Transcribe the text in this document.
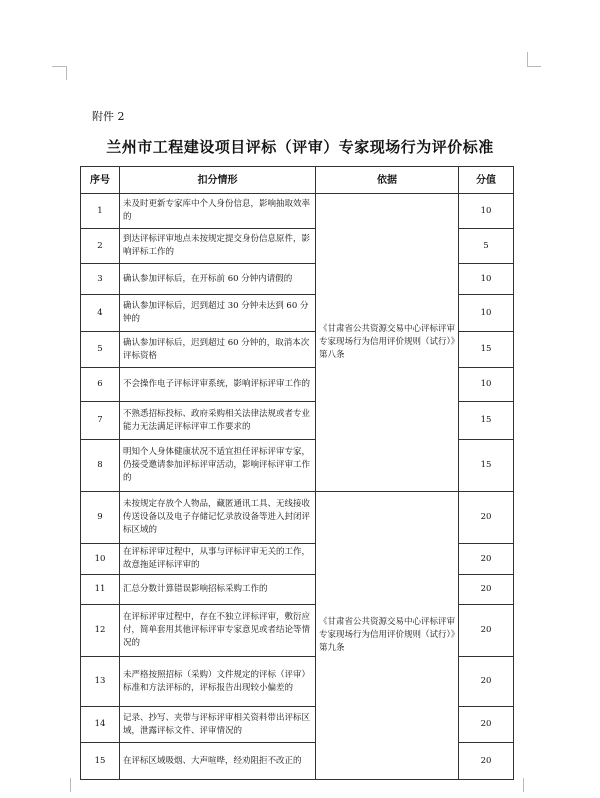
附件 2
兰州市工程建设项目评标（评审）专家现场行为评价标准
序号	扣分情形	依据	分值
1	未及时更新专家库中个人身份信息，影响抽取效率的	《甘肃省公共资源交易中心评标评审专家现场行为信用评价规则（试行）》第八条	10
2	到达评标评审地点未按规定提交身份信息原件，影响评标工作的		5
3	确认参加评标后，在开标前 60 分钟内请假的		10
4	确认参加评标后，迟到超过 30 分钟未达到 60 分钟的		10
5	确认参加评标后，迟到超过 60 分钟的，取消本次评标资格		15
6	不会操作电子评标评审系统，影响评标评审工作的		10
7	不熟悉招标投标、政府采购相关法律法规或者专业能力无法满足评标评审工作要求的		15
8	明知个人身体健康状况不适宜担任评标评审专家，仍接受邀请参加评标评审活动，影响评标评审工作的		15
9	未按规定存放个人物品，藏匿通讯工具、无线接收传送设备以及电子存储记忆录放设备等进入封闭评标区域的	《甘肃省公共资源交易中心评标评审专家现场行为信用评价规则（试行）》第九条	20
10	在评标评审过程中，从事与评标评审无关的工作，故意拖延评标评审的		20
11	汇总分数计算错误影响招标采购工作的		20
12	在评标评审过程中，存在不独立评标评审，敷衍应付，简单套用其他评标评审专家意见或者结论等情况的		20
13	未严格按照招标（采购）文件规定的评标（评审）标准和方法评标的，评标报告出现较小偏差的		20
14	记录、抄写、夹带与评标评审相关资料带出评标区域，泄露评标文件、评审情况的		20
15	在评标区域吸烟、大声喧哗，经劝阻拒不改正的		20
